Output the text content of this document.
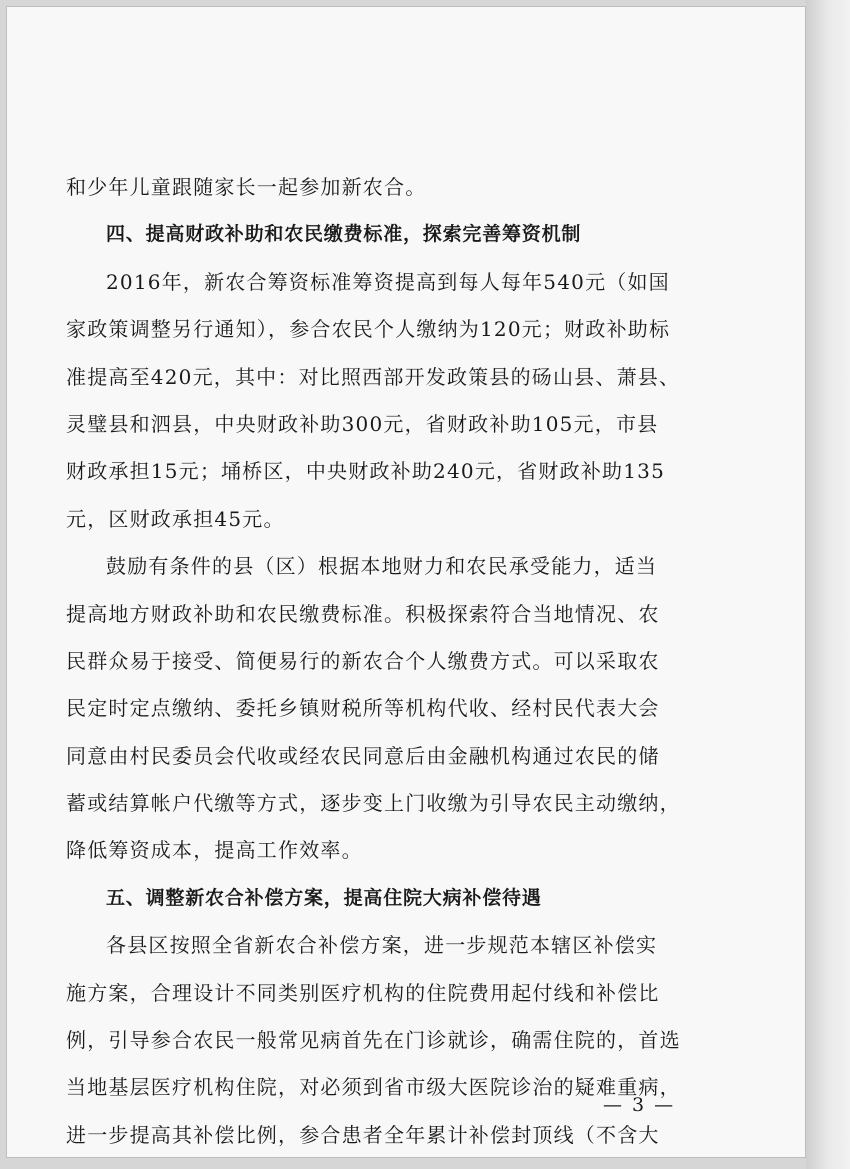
和少年儿童跟随家长一起参加新农合。
四、提高财政补助和农民缴费标准，探索完善筹资机制
2016年，新农合筹资标准筹资提高到每人每年540元（如国
家政策调整另行通知），参合农民个人缴纳为120元；财政补助标
准提高至420元，其中：对比照西部开发政策县的砀山县、萧县、
灵璧县和泗县，中央财政补助300元，省财政补助105元，市县
财政承担15元；埇桥区，中央财政补助240元，省财政补助135
元，区财政承担45元。
鼓励有条件的县（区）根据本地财力和农民承受能力，适当
提高地方财政补助和农民缴费标准。积极探索符合当地情况、农
民群众易于接受、简便易行的新农合个人缴费方式。可以采取农
民定时定点缴纳、委托乡镇财税所等机构代收、经村民代表大会
同意由村民委员会代收或经农民同意后由金融机构通过农民的储
蓄或结算帐户代缴等方式，逐步变上门收缴为引导农民主动缴纳，
降低筹资成本，提高工作效率。
五、调整新农合补偿方案，提高住院大病补偿待遇
各县区按照全省新农合补偿方案，进一步规范本辖区补偿实
施方案，合理设计不同类别医疗机构的住院费用起付线和补偿比
例，引导参合农民一般常见病首先在门诊就诊，确需住院的，首选
当地基层医疗机构住院，对必须到省市级大医院诊治的疑难重病，
进一步提高其补偿比例，参合患者全年累计补偿封顶线（不含大
— 3 —
